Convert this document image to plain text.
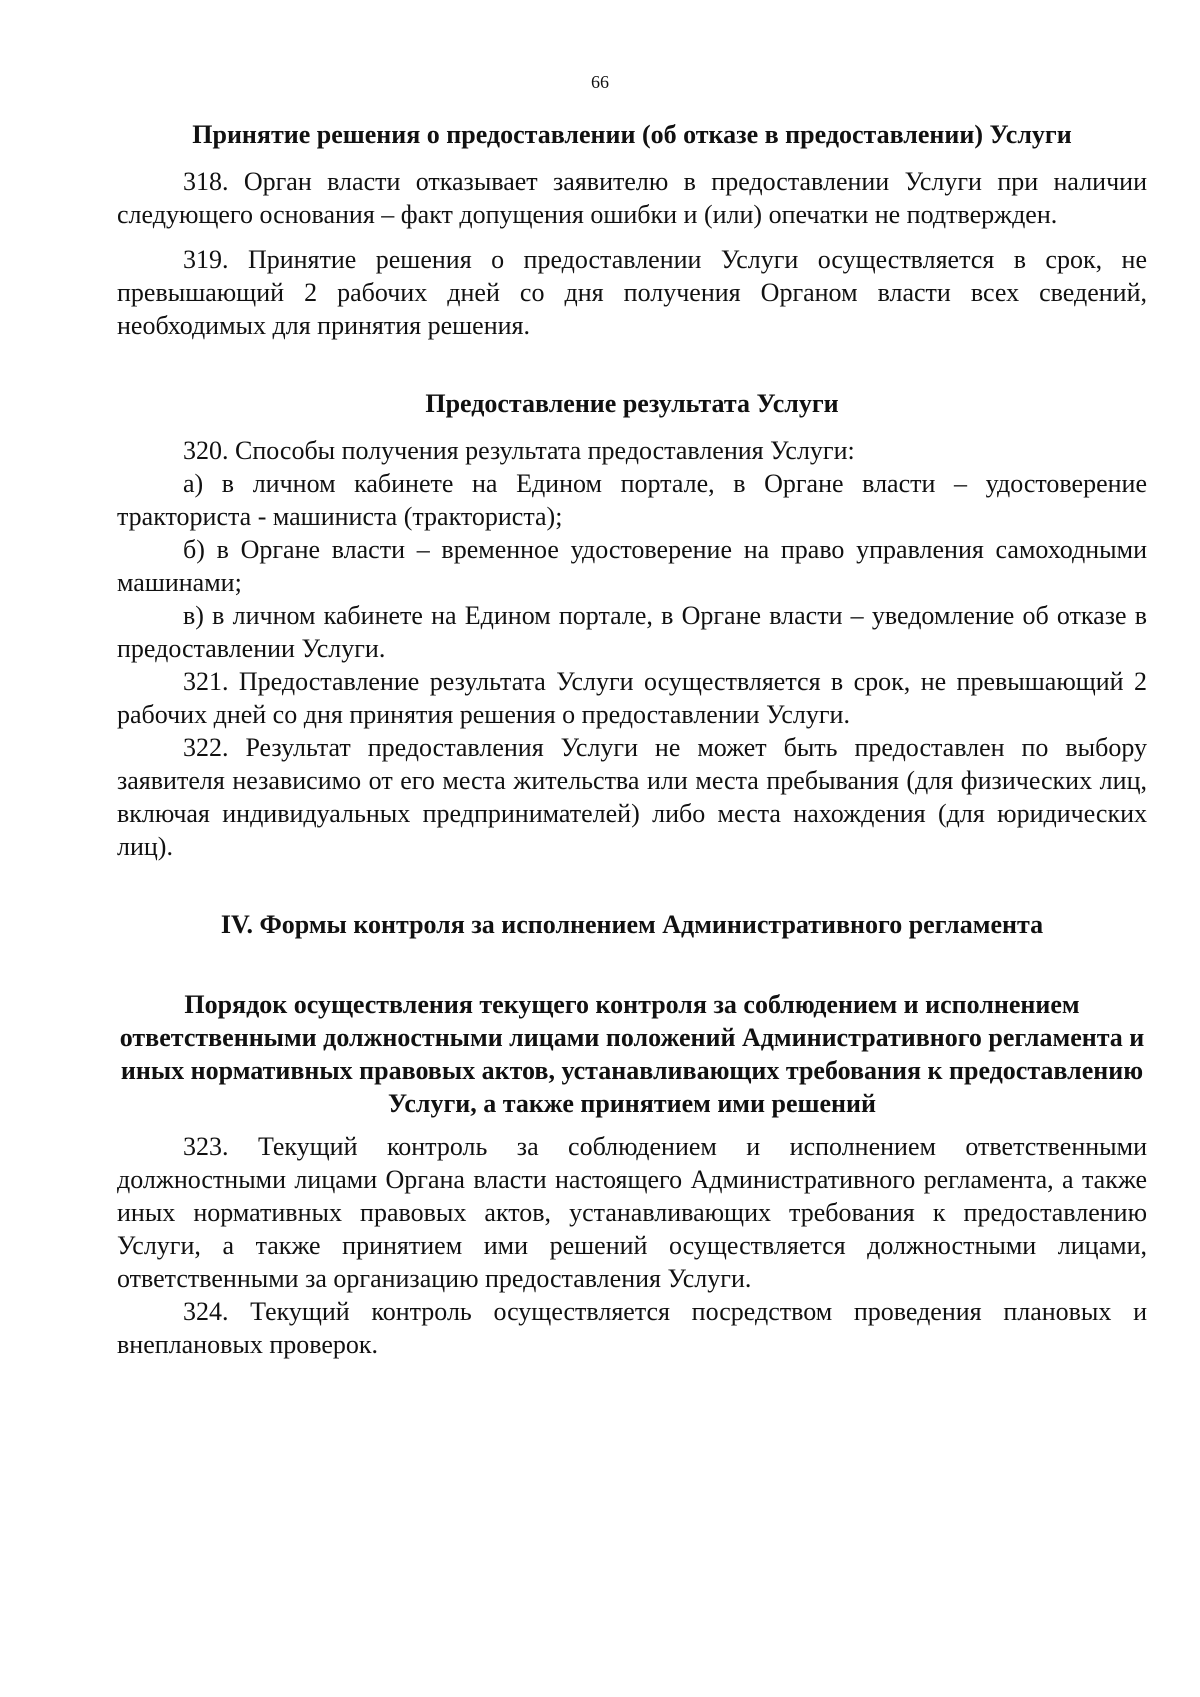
66
Принятие решения о предоставлении (об отказе в предоставлении) Услуги

318. Орган власти отказывает заявителю в предоставлении Услуги при наличии следующего основания – факт допущения ошибки и (или) опечатки не подтвержден.

319. Принятие решения о предоставлении Услуги осуществляется в срок, не превышающий 2 рабочих дней со дня получения Органом власти всех сведений, необходимых для принятия решения.

Предоставление результата Услуги

320. Способы получения результата предоставления Услуги:

а) в личном кабинете на Едином портале, в Органе власти – удостоверение тракториста - машиниста (тракториста);

б) в Органе власти – временное удостоверение на право управления самоходными машинами;

в) в личном кабинете на Едином портале, в Органе власти – уведомление об отказе в предоставлении Услуги.

321. Предоставление результата Услуги осуществляется в срок, не превышающий 2 рабочих дней со дня принятия решения о предоставлении Услуги.

322. Результат предоставления Услуги не может быть предоставлен по выбору заявителя независимо от его места жительства или места пребывания (для физических лиц, включая индивидуальных предпринимателей) либо места нахождения (для юридических лиц).

IV. Формы контроля за исполнением Административного регламента
Порядок осуществления текущего контроля за соблюдением и исполнением ответственными должностными лицами положений Административного регламента и иных нормативных правовых актов, устанавливающих требования к предоставлению Услуги, а также принятием ими решений

323. Текущий контроль за соблюдением и исполнением ответственными должностными лицами Органа власти настоящего Административного регламента, а также иных нормативных правовых актов, устанавливающих требования к предоставлению Услуги, а также принятием ими решений осуществляется должностными лицами, ответственными за организацию предоставления Услуги.

324. Текущий контроль осуществляется посредством проведения плановых и внеплановых проверок.
